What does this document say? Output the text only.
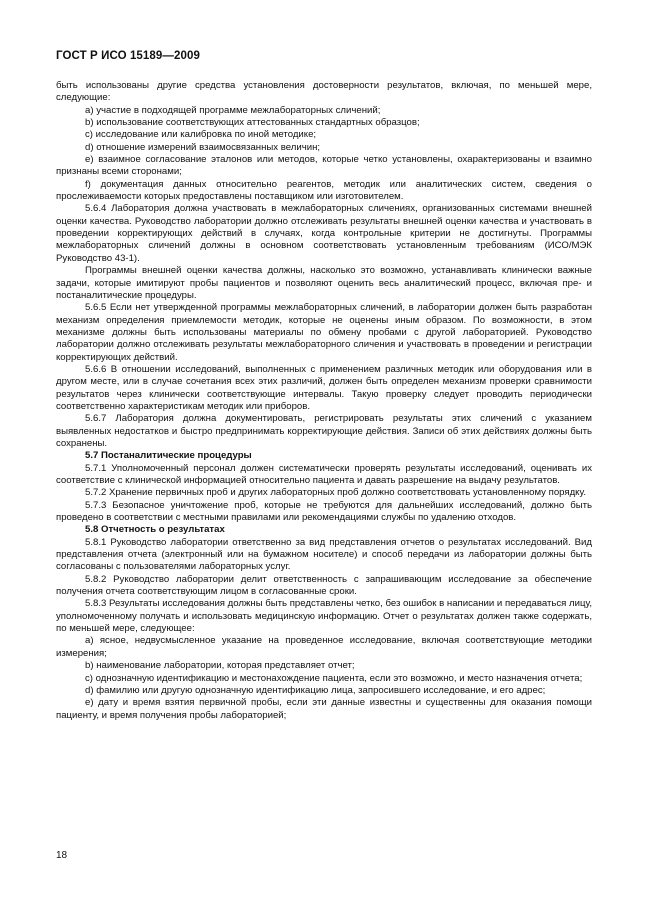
ГОСТ Р ИСО 15189—2009

быть использованы другие средства установления достоверности результатов, включая, по меньшей мере, следующие:

a) участие в подходящей программе межлабораторных сличений;

b) использование соответствующих аттестованных стандартных образцов;

c) исследование или калибровка по иной методике;

d) отношение измерений взаимосвязанных величин;

e) взаимное согласование эталонов или методов, которые четко установлены, охарактеризованы и взаимно признаны всеми сторонами;

f) документация данных относительно реагентов, методик или аналитических систем, сведения о прослеживаемости которых предоставлены поставщиком или изготовителем.

5.6.4 Лаборатория должна участвовать в межлабораторных сличениях, организованных системами внешней оценки качества. Руководство лаборатории должно отслеживать результаты внешней оценки качества и участвовать в проведении корректирующих действий в случаях, когда контрольные критерии не достигнуты. Программы межлабораторных сличений должны в основном соответствовать установленным требованиям (ИСО/МЭК Руководство 43-1).

Программы внешней оценки качества должны, насколько это возможно, устанавливать клинически важные задачи, которые имитируют пробы пациентов и позволяют оценить весь аналитический процесс, включая пре- и постаналитические процедуры.

5.6.5 Если нет утвержденной программы межлабораторных сличений, в лаборатории должен быть разработан механизм определения приемлемости методик, которые не оценены иным образом. По возможности, в этом механизме должны быть использованы материалы по обмену пробами с другой лабораторией. Руководство лаборатории должно отслеживать результаты межлабораторного сличения и участвовать в проведении и регистрации корректирующих действий.

5.6.6 В отношении исследований, выполненных с применением различных методик или оборудования или в другом месте, или в случае сочетания всех этих различий, должен быть определен механизм проверки сравнимости результатов через клинически соответствующие интервалы. Такую проверку следует проводить периодически соответственно характеристикам методик или приборов.

5.6.7 Лаборатория должна документировать, регистрировать результаты этих сличений с указанием выявленных недостатков и быстро предпринимать корректирующие действия. Записи об этих действиях должны быть сохранены.

5.7 Постаналитические процедуры

5.7.1 Уполномоченный персонал должен систематически проверять результаты исследований, оценивать их соответствие с клинической информацией относительно пациента и давать разрешение на выдачу результатов.

5.7.2 Хранение первичных проб и других лабораторных проб должно соответствовать установленному порядку.

5.7.3 Безопасное уничтожение проб, которые не требуются для дальнейших исследований, должно быть проведено в соответствии с местными правилами или рекомендациями службы по удалению отходов.

5.8 Отчетность о результатах

5.8.1 Руководство лаборатории ответственно за вид представления отчетов о результатах исследований. Вид представления отчета (электронный или на бумажном носителе) и способ передачи из лаборатории должны быть согласованы с пользователями лабораторных услуг.

5.8.2 Руководство лаборатории делит ответственность с запрашивающим исследование за обеспечение получения отчета соответствующим лицом в согласованные сроки.

5.8.3 Результаты исследования должны быть представлены четко, без ошибок в написании и передаваться лицу, уполномоченному получать и использовать медицинскую информацию. Отчет о результатах должен также содержать, по меньшей мере, следующее:

a) ясное, недвусмысленное указание на проведенное исследование, включая соответствующие методики измерения;

b) наименование лаборатории, которая представляет отчет;

c) однозначную идентификацию и местонахождение пациента, если это возможно, и место назначения отчета;

d) фамилию или другую однозначную идентификацию лица, запросившего исследование, и его адрес;

e) дату и время взятия первичной пробы, если эти данные известны и существенны для оказания помощи пациенту, и время получения пробы лабораторией;

18
